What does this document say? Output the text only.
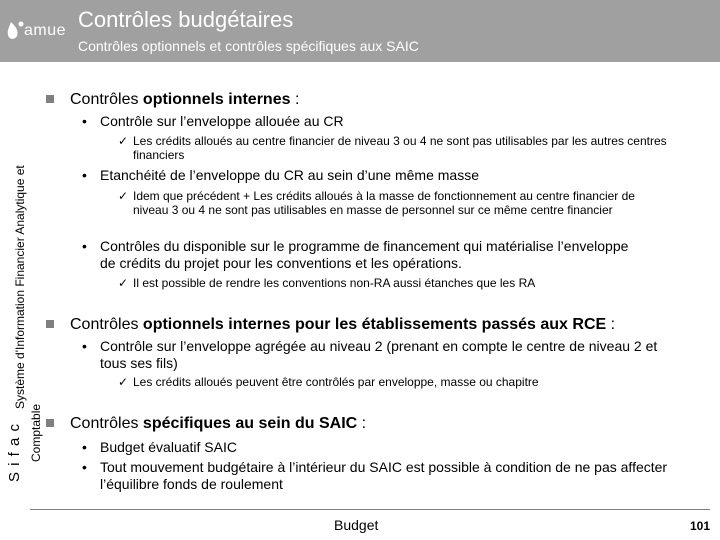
amue Contrôles budgétaires
Contrôles optionnels et contrôles spécifiques aux SAIC
S i f a c
Système d'Information Financier Analytique et
Comptable
Contrôles optionnels internes :
• Contrôle sur l’enveloppe allouée au CR
✓ Les crédits alloués au centre financier de niveau 3 ou 4 ne sont pas utilisables par les autres centres financiers
• Etanchéité de l’enveloppe du CR au sein d’une même masse
✓ Idem que précédent + Les crédits alloués à la masse de fonctionnement au centre financier de niveau 3 ou 4 ne sont pas utilisables en masse de personnel sur ce même centre financier
• Contrôles du disponible sur le programme de financement qui matérialise l’enveloppe de crédits du projet pour les conventions et les opérations.
✓ Il est possible de rendre les conventions non-RA aussi étanches que les RA
Contrôles optionnels internes pour les établissements passés aux RCE :
• Contrôle sur l’enveloppe agrégée au niveau 2 (prenant en compte le centre de niveau 2 et tous ses fils)
✓ Les crédits alloués peuvent être contrôlés par enveloppe, masse ou chapitre
Contrôles spécifiques au sein du SAIC :
• Budget évaluatif SAIC
• Tout mouvement budgétaire à l’intérieur du SAIC est possible à condition de ne pas affecter l’équilibre fonds de roulement
Budget	101
